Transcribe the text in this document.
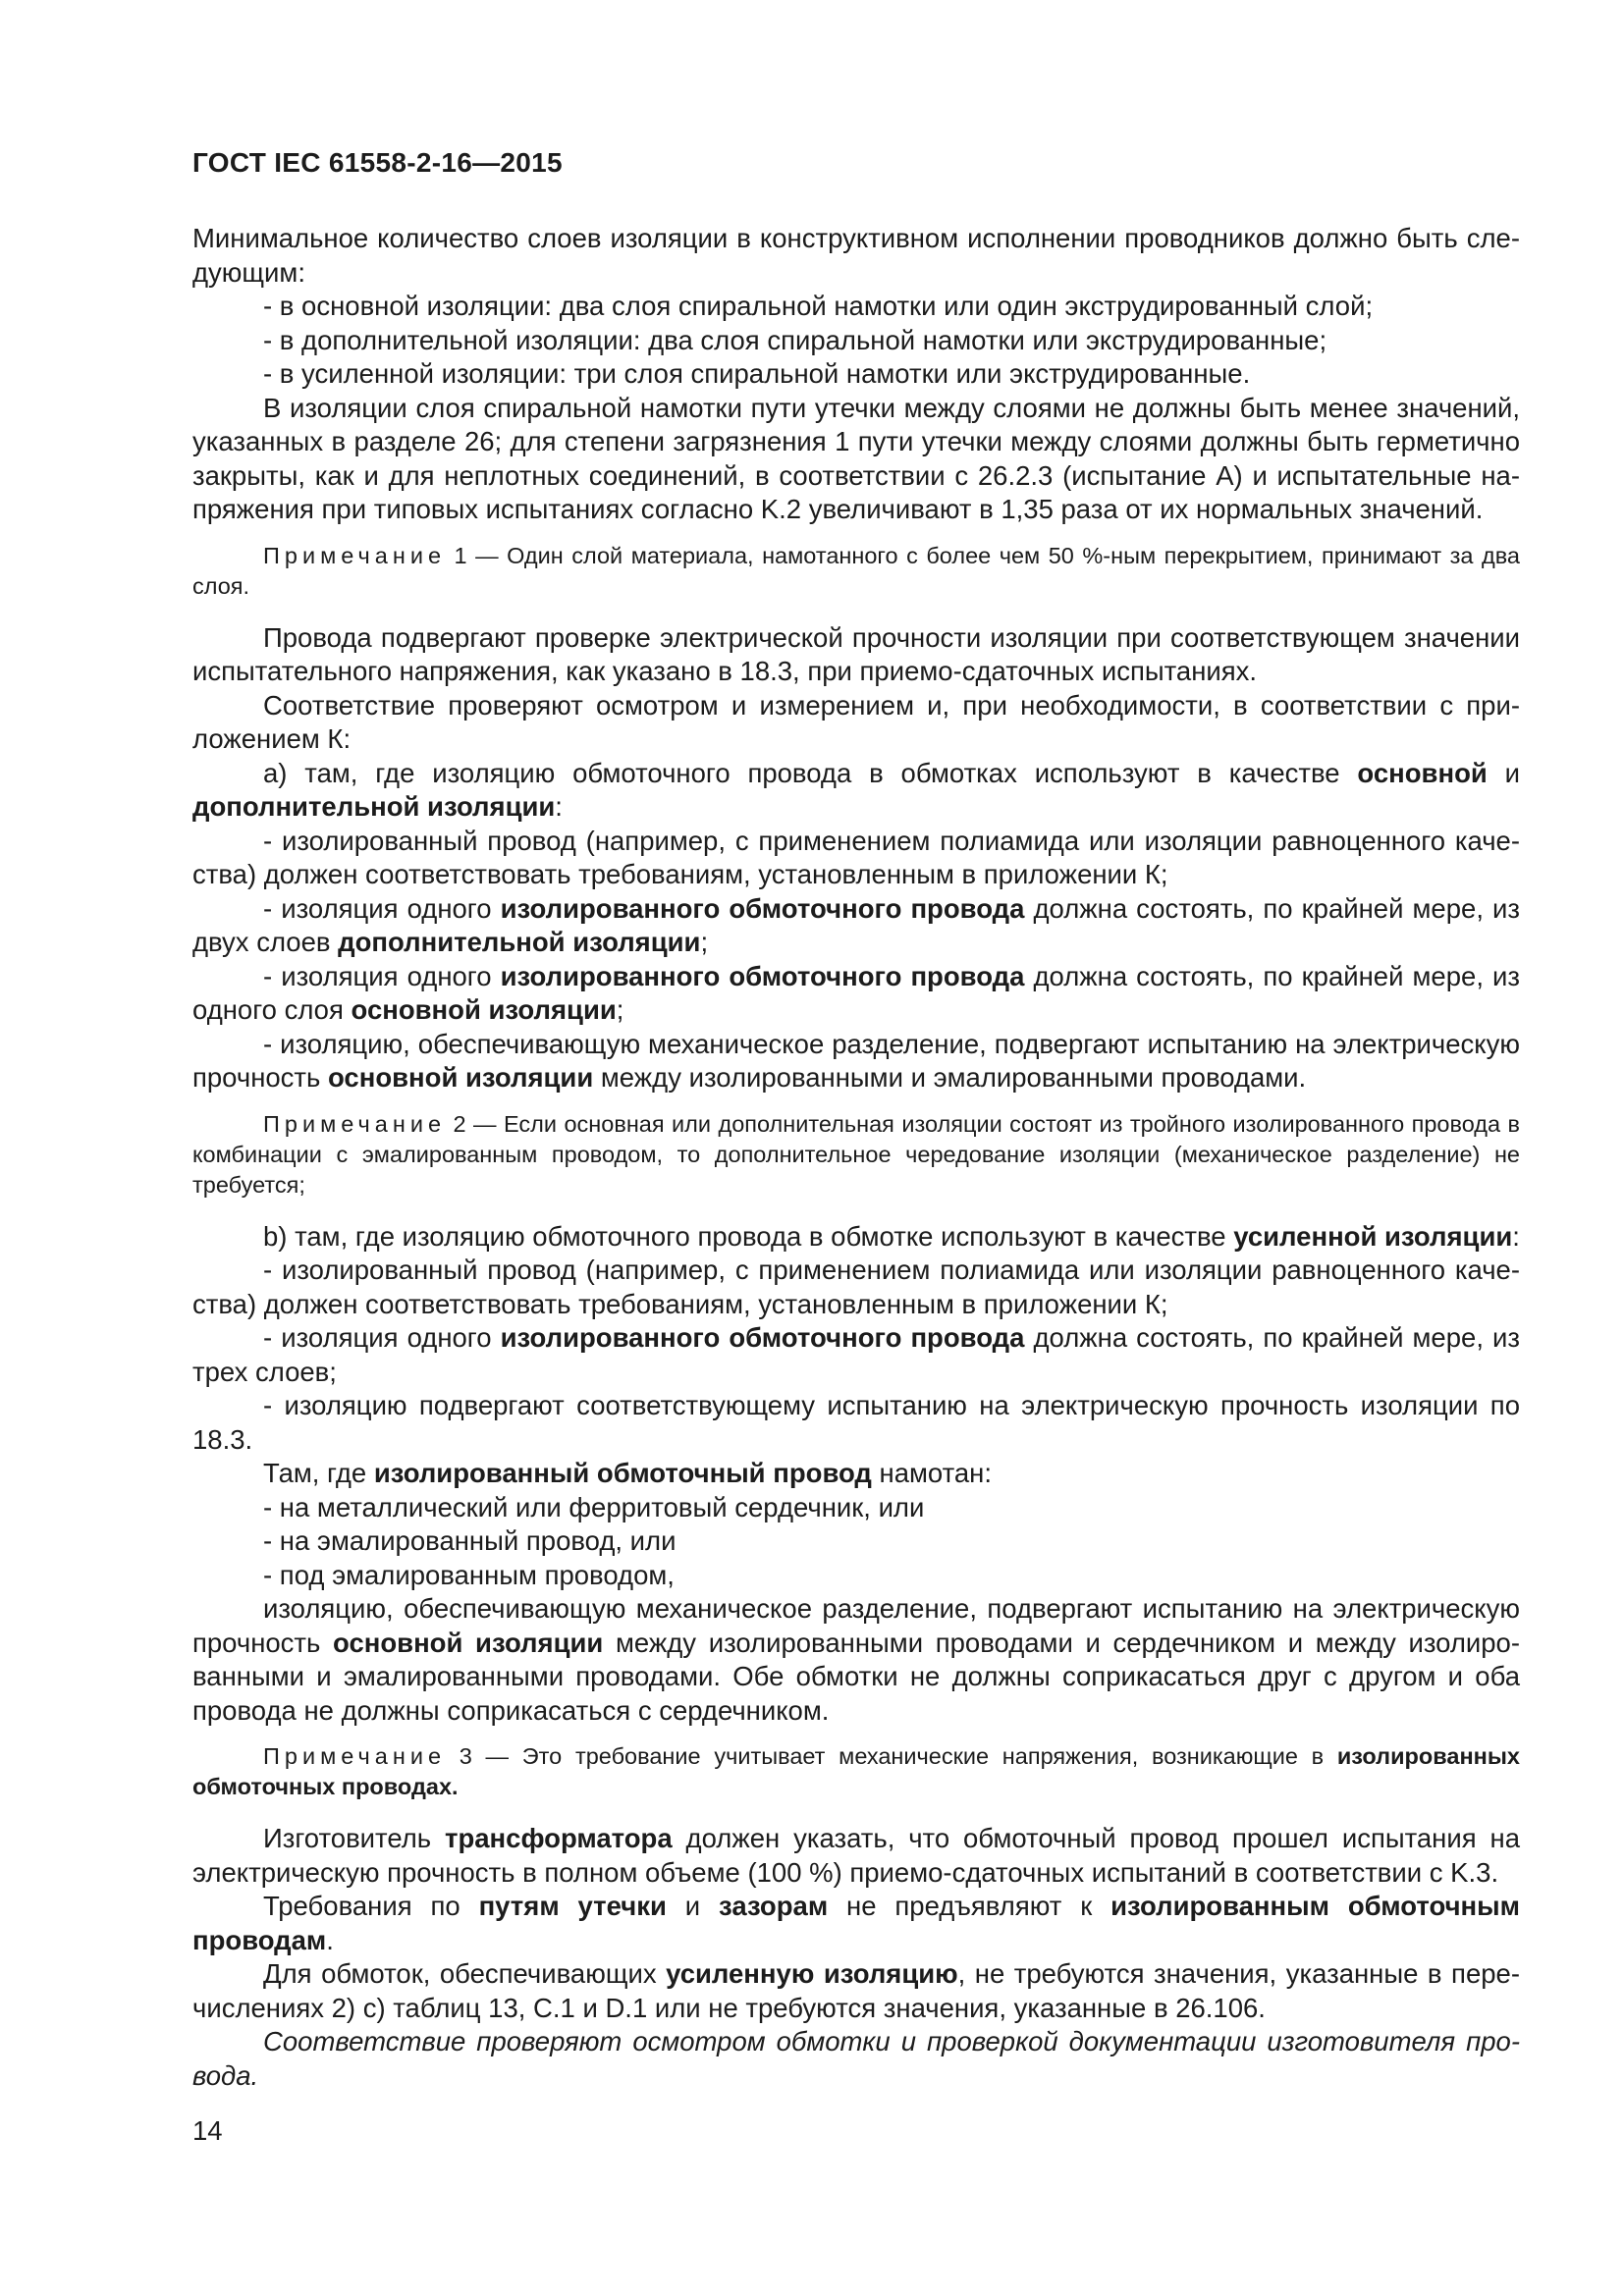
ГОСТ IEC 61558-2-16—2015

Минимальное количество слоев изоляции в конструктивном исполнении проводников должно быть следующим:

- в основной изоляции: два слоя спиральной намотки или один экструдированный слой;

- в дополнительной изоляции: два слоя спиральной намотки или экструдированные;

- в усиленной изоляции: три слоя спиральной намотки или экструдированные.

В изоляции слоя спиральной намотки пути утечки между слоями не должны быть менее значений, указанных в разделе 26; для степени загрязнения 1 пути утечки между слоями должны быть герметично закрыты, как и для неплотных соединений, в соответствии с 26.2.3 (испытание А) и испытательные напряжения при типовых испытаниях согласно K.2 увеличивают в 1,35 раза от их нормальных значений.

Примечание 1 — Один слой материала, намотанного с более чем 50 %-ным перекрытием, принимают за два слоя.

Провода подвергают проверке электрической прочности изоляции при соответствующем значении испытательного напряжения, как указано в 18.3, при приемо-сдаточных испытаниях.

Соответствие проверяют осмотром и измерением и, при необходимости, в соответствии с приложением К:

а) там, где изоляцию обмоточного провода в обмотках используют в качестве основной и дополнительной изоляции:

- изолированный провод (например, с применением полиамида или изоляции равноценного качества) должен соответствовать требованиям, установленным в приложении К;

- изоляция одного изолированного обмоточного провода должна состоять, по крайней мере, из двух слоев дополнительной изоляции;

- изоляция одного изолированного обмоточного провода должна состоять, по крайней мере, из одного слоя основной изоляции;

- изоляцию, обеспечивающую механическое разделение, подвергают испытанию на электрическую прочность основной изоляции между изолированными и эмалированными проводами.

Примечание 2 — Если основная или дополнительная изоляции состоят из тройного изолированного провода в комбинации с эмалированным проводом, то дополнительное чередование изоляции (механическое разделение) не требуется;

b) там, где изоляцию обмоточного провода в обмотке используют в качестве усиленной изоляции:

- изолированный провод (например, с применением полиамида или изоляции равноценного качества) должен соответствовать требованиям, установленным в приложении К;

- изоляция одного изолированного обмоточного провода должна состоять, по крайней мере, из трех слоев;

- изоляцию подвергают соответствующему испытанию на электрическую прочность изоляции по 18.3.

Там, где изолированный обмоточный провод намотан:

- на металлический или ферритовый сердечник, или

- на эмалированный провод, или

- под эмалированным проводом,

изоляцию, обеспечивающую механическое разделение, подвергают испытанию на электрическую прочность основной изоляции между изолированными проводами и сердечником и между изолированными и эмалированными проводами. Обе обмотки не должны соприкасаться друг с другом и оба провода не должны соприкасаться с сердечником.

Примечание 3 — Это требование учитывает механические напряжения, возникающие в изолированных обмоточных проводах.

Изготовитель трансформатора должен указать, что обмоточный провод прошел испытания на электрическую прочность в полном объеме (100 %) приемо-сдаточных испытаний в соответствии с K.3.

Требования по путям утечки и зазорам не предъявляют к изолированным обмоточным проводам.

Для обмоток, обеспечивающих усиленную изоляцию, не требуются значения, указанные в перечислениях 2) с) таблиц 13, С.1 и D.1 или не требуются значения, указанные в 26.106.

Соответствие проверяют осмотром обмотки и проверкой документации изготовителя провода.

14
